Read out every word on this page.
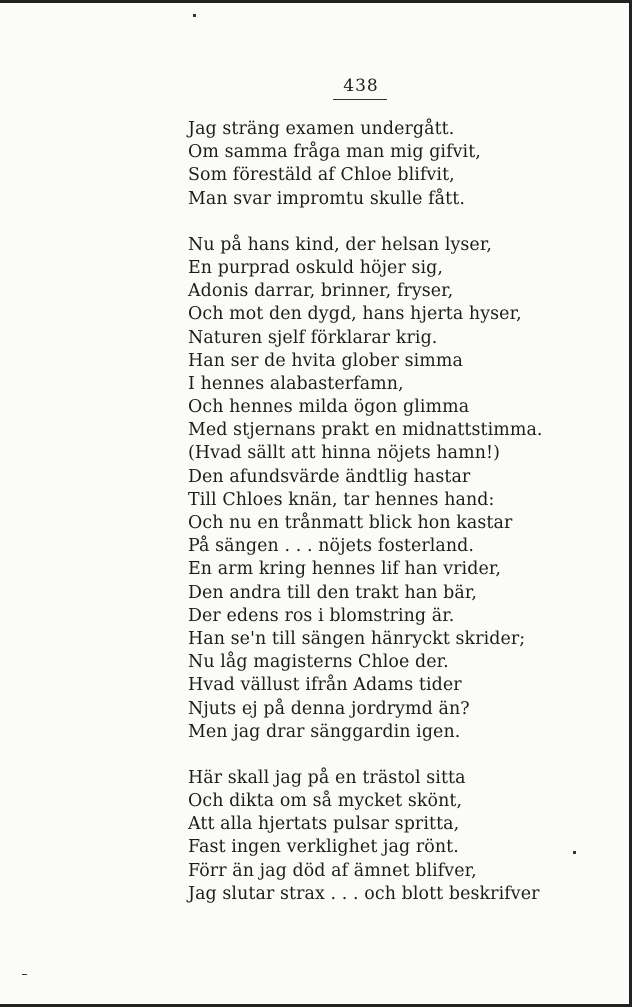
438
Jag sträng examen undergått.
Om samma fråga man mig gifvit,
Som förestäld af Chloe blifvit,
Man svar impromtu skulle fått.
Nu på hans kind, der helsan lyser,
En purprad oskuld höjer sig,
Adonis darrar, brinner, fryser,
Och mot den dygd, hans hjerta hyser,
Naturen sjelf förklarar krig.
Han ser de hvita glober simma
I hennes alabasterfamn,
Och hennes milda ögon glimma
Med stjernans prakt en midnattstimma.
(Hvad sällt att hinna nöjets hamn!)
Den afundsvärde ändtlig hastar
Till Chloes knän, tar hennes hand:
Och nu en trånmatt blick hon kastar
På sängen . . . nöjets fosterland.
En arm kring hennes lif han vrider,
Den andra till den trakt han bär,
Der edens ros i blomstring är.
Han se'n till sängen hänryckt skrider;
Nu låg magisterns Chloe der.
Hvad vällust ifrån Adams tider
Njuts ej på denna jordrymd än?
Men jag drar sänggardin igen.
Här skall jag på en trästol sitta
Och dikta om så mycket skönt,
Att alla hjertats pulsar spritta,
Fast ingen verklighet jag rönt.
Förr än jag död af ämnet blifver,
Jag slutar strax . . . och blott beskrifver
